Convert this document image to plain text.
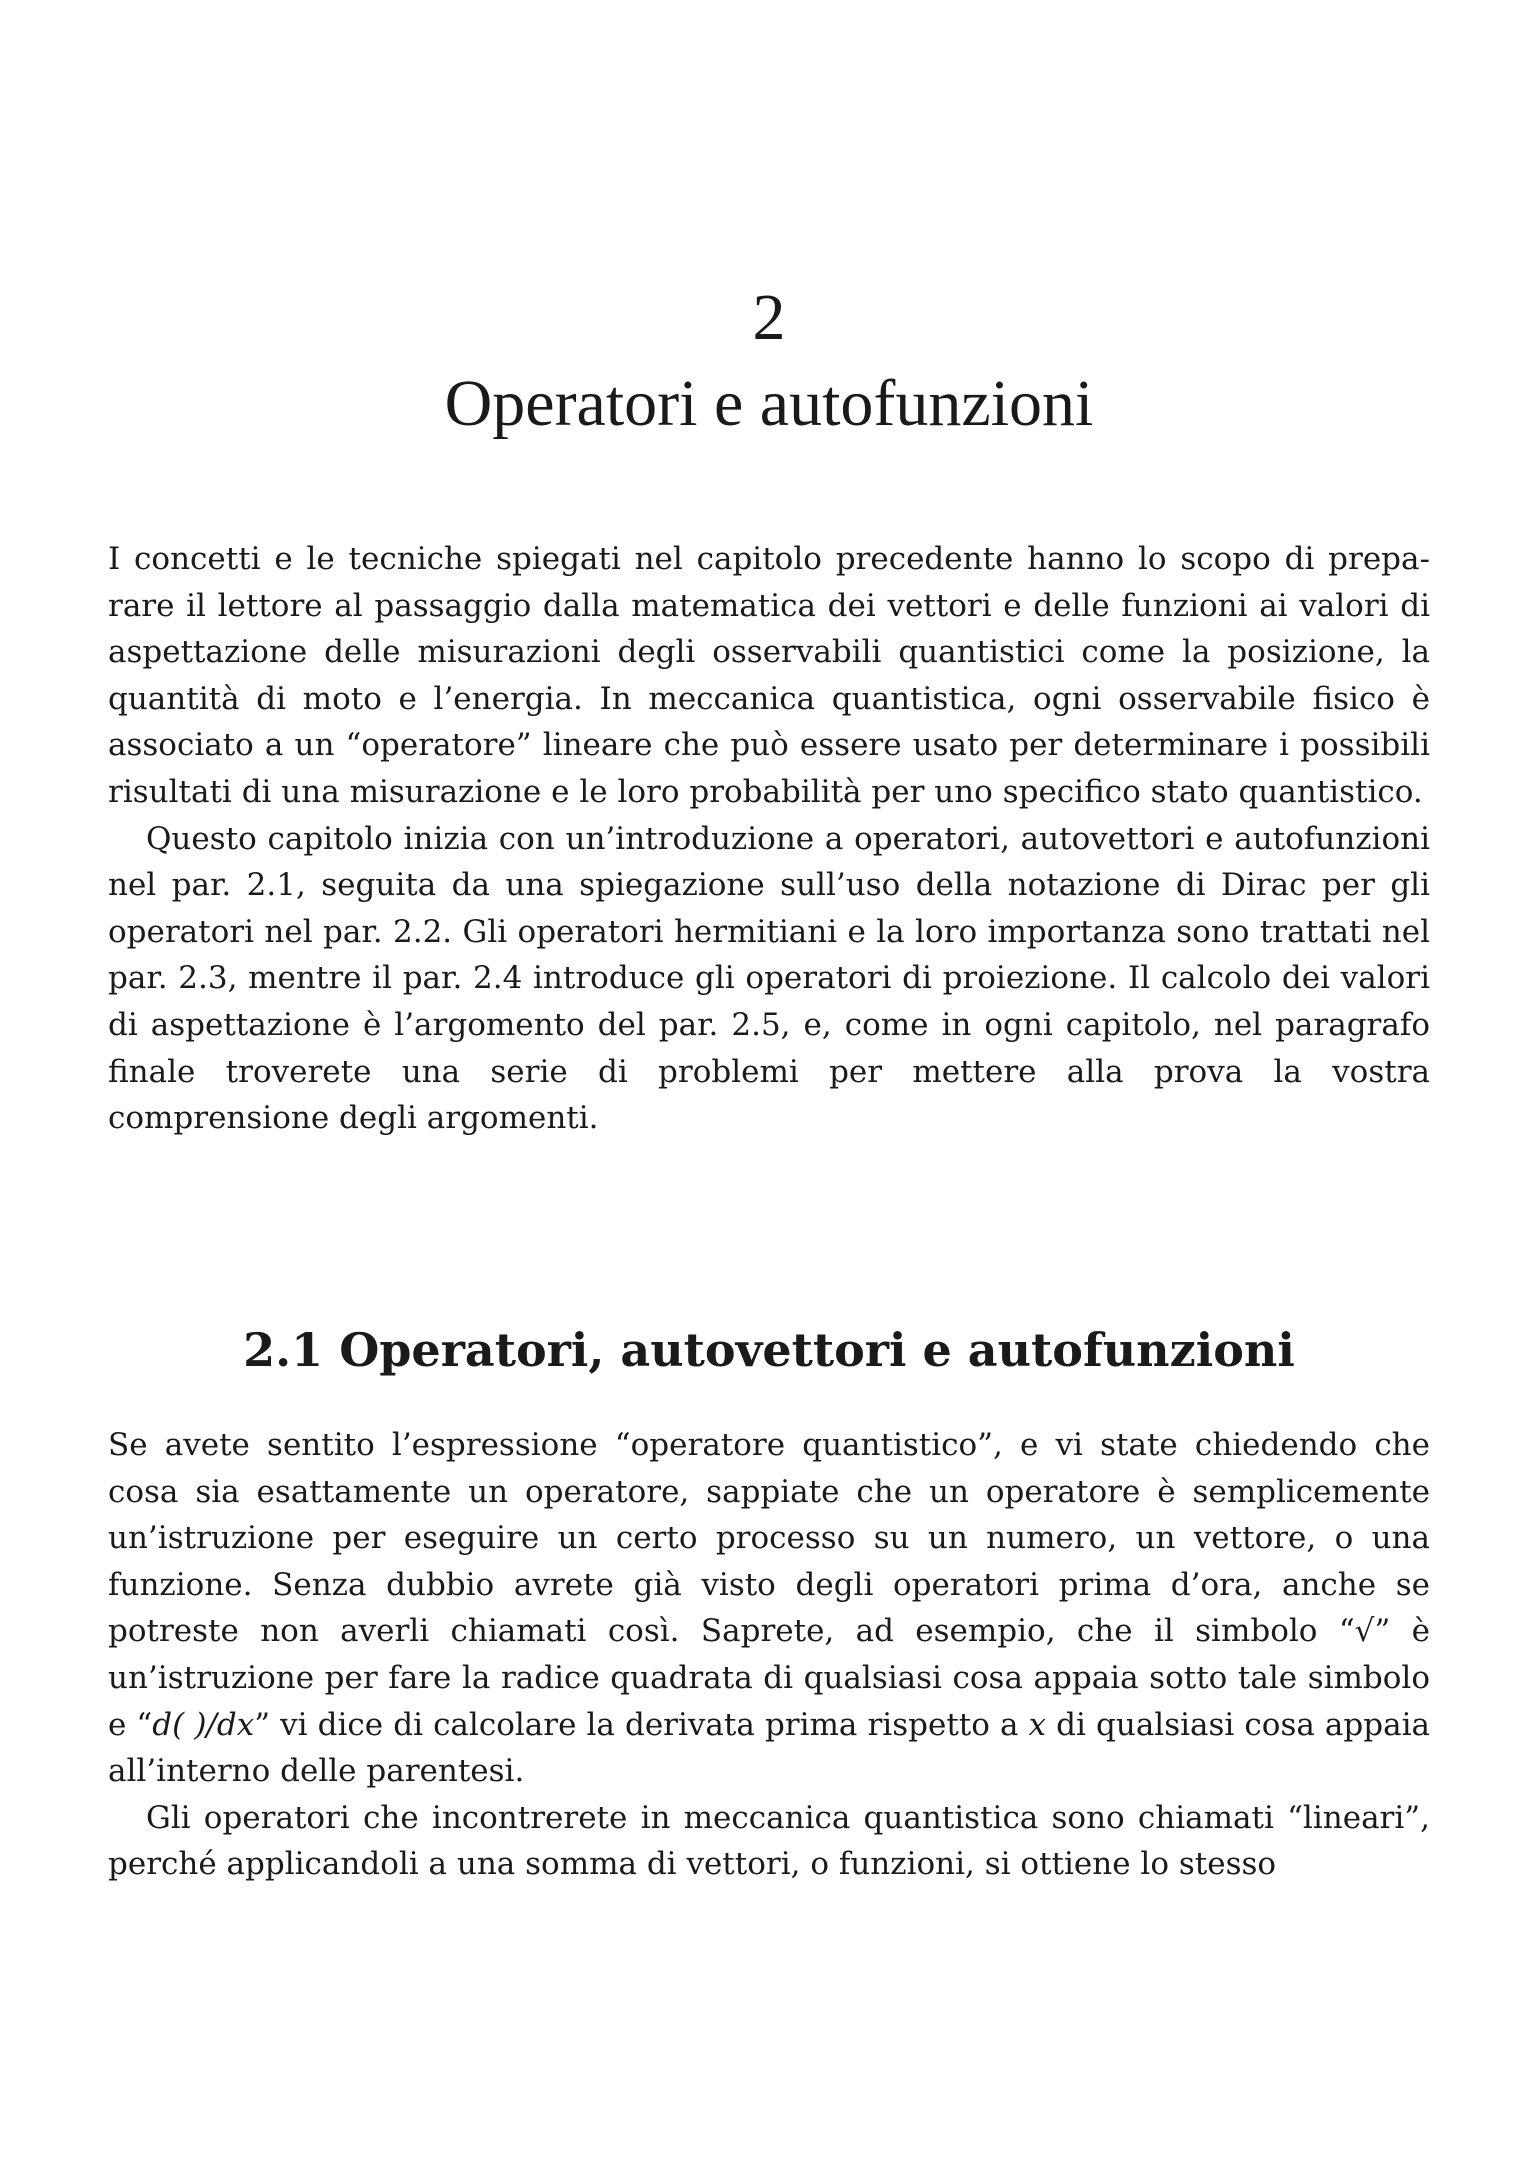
2
Operatori e autofunzioni

I concetti e le tecniche spiegati nel capitolo precedente hanno lo scopo di preparare il lettore al passaggio dalla matematica dei vettori e delle funzioni ai valori di aspettazione delle misurazioni degli osservabili quantistici come la posizione, la quantità di moto e l’energia. In meccanica quantistica, ogni osservabile fisico è associato a un “operatore” lineare che può essere usato per determinare i possibili risultati di una misurazione e le loro probabilità per uno specifico stato quantistico.

Questo capitolo inizia con un’introduzione a operatori, autovettori e autofunzioni nel par. 2.1, seguita da una spiegazione sull’uso della notazione di Dirac per gli operatori nel par. 2.2. Gli operatori hermitiani e la loro importanza sono trattati nel par. 2.3, mentre il par. 2.4 introduce gli operatori di proiezione. Il calcolo dei valori di aspettazione è l’argomento del par. 2.5, e, come in ogni capitolo, nel paragrafo finale troverete una serie di problemi per mettere alla prova la vostra comprensione degli argomenti.

2.1 Operatori, autovettori e autofunzioni

Se avete sentito l’espressione “operatore quantistico”, e vi state chiedendo che cosa sia esattamente un operatore, sappiate che un operatore è semplicemente un’istruzione per eseguire un certo processo su un numero, un vettore, o una funzione. Senza dubbio avrete già visto degli operatori prima d’ora, anche se potreste non averli chiamati così. Saprete, ad esempio, che il simbolo “√” è un’istruzione per fare la radice quadrata di qualsiasi cosa appaia sotto tale simbolo e “d( )/dx” vi dice di calcolare la derivata prima rispetto a x di qualsiasi cosa appaia all’interno delle parentesi.

Gli operatori che incontrerete in meccanica quantistica sono chiamati “lineari”, perché applicandoli a una somma di vettori, o funzioni, si ottiene lo stesso
